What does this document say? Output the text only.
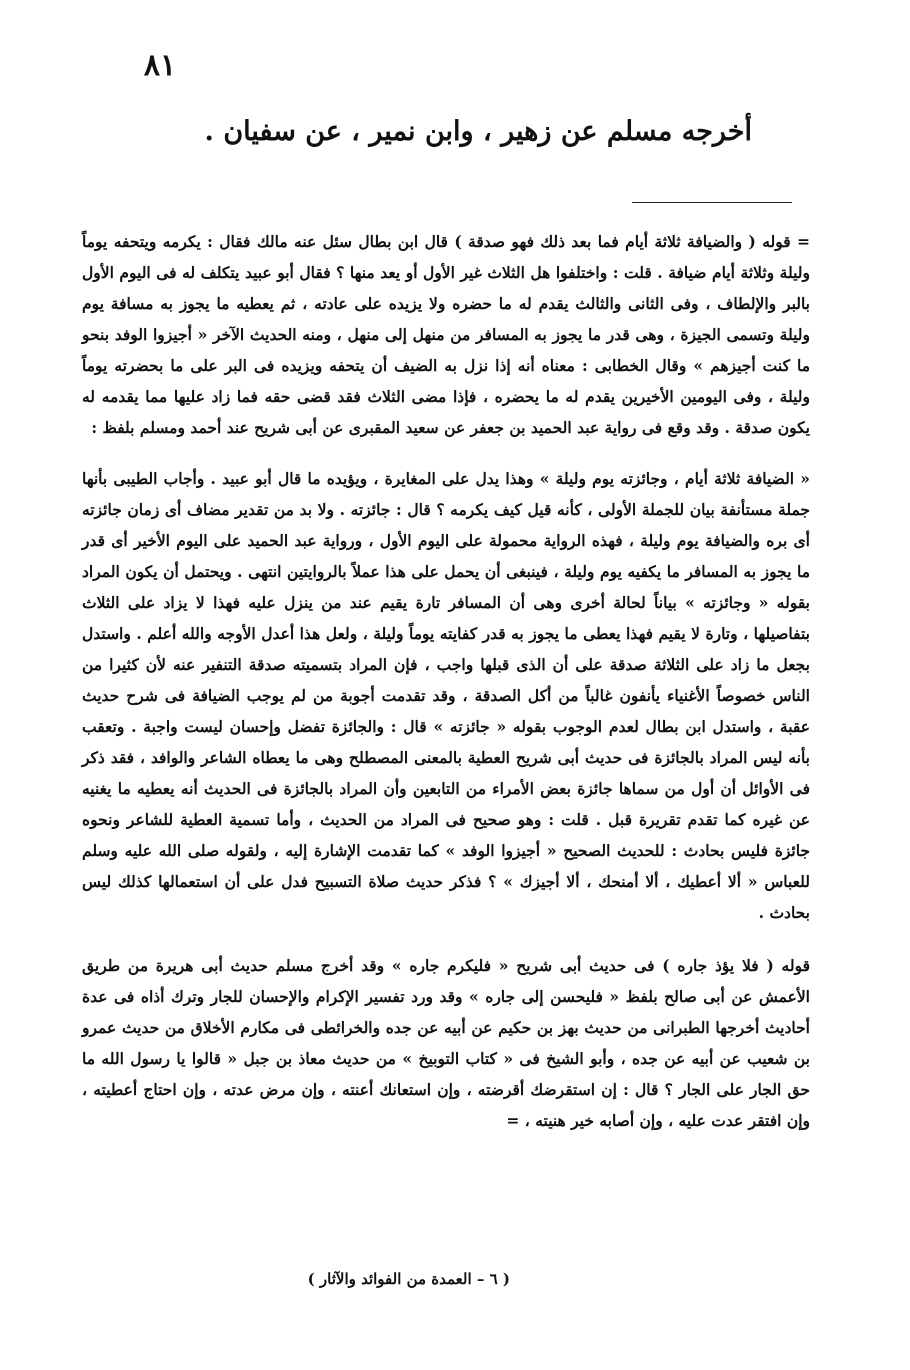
٨١
أخرجه مسلم عن زهير ، وابن نمير ، عن سفيان .

= قوله ( والضيافة ثلاثة أيام فما بعد ذلك فهو صدقة ) قال ابن بطال سئل عنه مالك فقال : يكرمه ويتحفه يوماً وليلة وثلاثة أيام ضيافة . قلت : واختلفوا هل الثلاث غير الأول أو يعد منها ؟ فقال أبو عبيد يتكلف له فى اليوم الأول بالبر والإلطاف ، وفى الثانى والثالث يقدم له ما حضره ولا يزيده على عادته ، ثم يعطيه ما يجوز به مسافة يوم وليلة وتسمى الجيزة ، وهى قدر ما يجوز به المسافر من منهل إلى منهل ، ومنه الحديث الآخر « أجيزوا الوفد بنحو ما كنت أجيزهم » وقال الخطابى : معناه أنه إذا نزل به الضيف أن يتحفه ويزيده فى البر على ما بحضرته يوماً وليلة ، وفى اليومين الأخيرين يقدم له ما يحضره ، فإذا مضى الثلاث فقد قضى حقه فما زاد عليها مما يقدمه له يكون صدقة . وقد وقع فى رواية عبد الحميد بن جعفر عن سعيد المقبرى عن أبى شريح عند أحمد ومسلم بلفظ :

« الضيافة ثلاثة أيام ، وجائزته يوم وليلة » وهذا يدل على المغايرة ، ويؤيده ما قال أبو عبيد . وأجاب الطيبى بأنها جملة مستأنفة بيان للجملة الأولى ، كأنه قيل كيف يكرمه ؟ قال : جائزته . ولا بد من تقدير مضاف أى زمان جائزته أى بره والضيافة يوم وليلة ، فهذه الرواية محمولة على اليوم الأول ، ورواية عبد الحميد على اليوم الأخير أى قدر ما يجوز به المسافر ما يكفيه يوم وليلة ، فينبغى أن يحمل على هذا عملاً بالروايتين انتهى . ويحتمل أن يكون المراد بقوله « وجائزته » بياناً لحالة أخرى وهى أن المسافر تارة يقيم عند من ينزل عليه فهذا لا يزاد على الثلاث بتفاصيلها ، وتارة لا يقيم فهذا يعطى ما يجوز به قدر كفايته يوماً وليلة ، ولعل هذا أعدل الأوجه والله أعلم . واستدل بجعل ما زاد على الثلاثة صدقة على أن الذى قبلها واجب ، فإن المراد بتسميته صدقة التنفير عنه لأن كثيرا من الناس خصوصاً الأغنياء يأنفون غالباً من أكل الصدقة ، وقد تقدمت أجوبة من لم يوجب الضيافة فى شرح حديث عقبة ، واستدل ابن بطال لعدم الوجوب بقوله « جائزته » قال : والجائزة تفضل وإحسان ليست واجبة . وتعقب بأنه ليس المراد بالجائزة فى حديث أبى شريح العطية بالمعنى المصطلح وهى ما يعطاه الشاعر والوافد ، فقد ذكر فى الأوائل أن أول من سماها جائزة بعض الأمراء من التابعين وأن المراد بالجائزة فى الحديث أنه يعطيه ما يغنيه عن غيره كما تقدم تقريرة قبل . قلت : وهو صحيح فى المراد من الحديث ، وأما تسمية العطية للشاعر ونحوه جائزة فليس بحادث : للحديث الصحيح « أجيزوا الوفد » كما تقدمت الإشارة إليه ، ولقوله صلى الله عليه وسلم للعباس « ألا أعطيك ، ألا أمنحك ، ألا أجيزك » ؟ فذكر حديث صلاة التسبيح فدل على أن استعمالها كذلك ليس بحادث .

قوله ( فلا يؤذ جاره ) فى حديث أبى شريح « فليكرم جاره » وقد أخرج مسلم حديث أبى هريرة من طريق الأعمش عن أبى صالح بلفظ « فليحسن إلى جاره » وقد ورد تفسير الإكرام والإحسان للجار وترك أذاه فى عدة أحاديث أخرجها الطبرانى من حديث بهز بن حكيم عن أبيه عن جده والخرائطى فى مكارم الأخلاق من حديث عمرو بن شعيب عن أبيه عن جده ، وأبو الشيخ فى « كتاب التوبيخ » من حديث معاذ بن جبل « قالوا يا رسول الله ما حق الجار على الجار ؟ قال : إن استقرضك أقرضته ، وإن استعانك أعنته ، وإن مرض عدته ، وإن احتاج أعطيته ، وإن افتقر عدت عليه ، وإن أصابه خير هنيته ، =

( ٦ – العمدة من الفوائد والآثار )
